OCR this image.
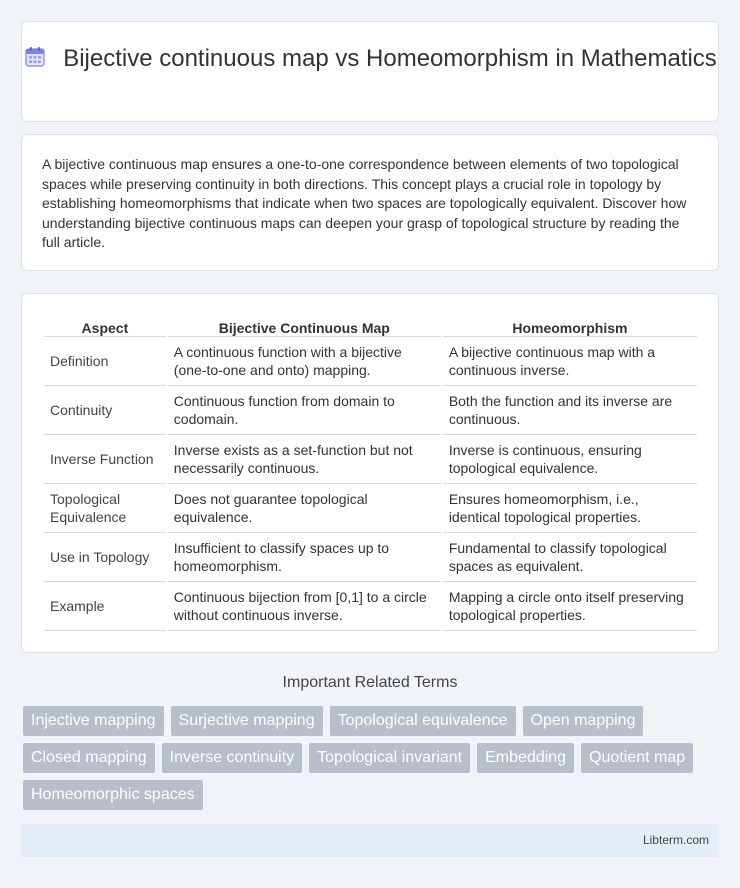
Bijective continuous map vs Homeomorphism in Mathematics

A bijective continuous map ensures a one-to-one correspondence between elements of two topological spaces while preserving continuity in both directions. This concept plays a crucial role in topology by establishing homeomorphisms that indicate when two spaces are topologically equivalent. Discover how understanding bijective continuous maps can deepen your grasp of topological structure by reading the full article.

Aspect	Bijective Continuous Map	Homeomorphism
Definition	A continuous function with a bijective (one-to-one and onto) mapping.	A bijective continuous map with a continuous inverse.
Continuity	Continuous function from domain to codomain.	Both the function and its inverse are continuous.
Inverse Function	Inverse exists as a set-function but not necessarily continuous.	Inverse is continuous, ensuring topological equivalence.
Topological Equivalence	Does not guarantee topological equivalence.	Ensures homeomorphism, i.e., identical topological properties.
Use in Topology	Insufficient to classify spaces up to homeomorphism.	Fundamental to classify topological spaces as equivalent.
Example	Continuous bijection from [0,1] to a circle without continuous inverse.	Mapping a circle onto itself preserving topological properties.
Important Related Terms
Injective mapping	Surjective mapping	Topological equivalence	Open mapping
Closed mapping	Inverse continuity	Topological invariant	Embedding	Quotient map
Homeomorphic spaces
Libterm.com
